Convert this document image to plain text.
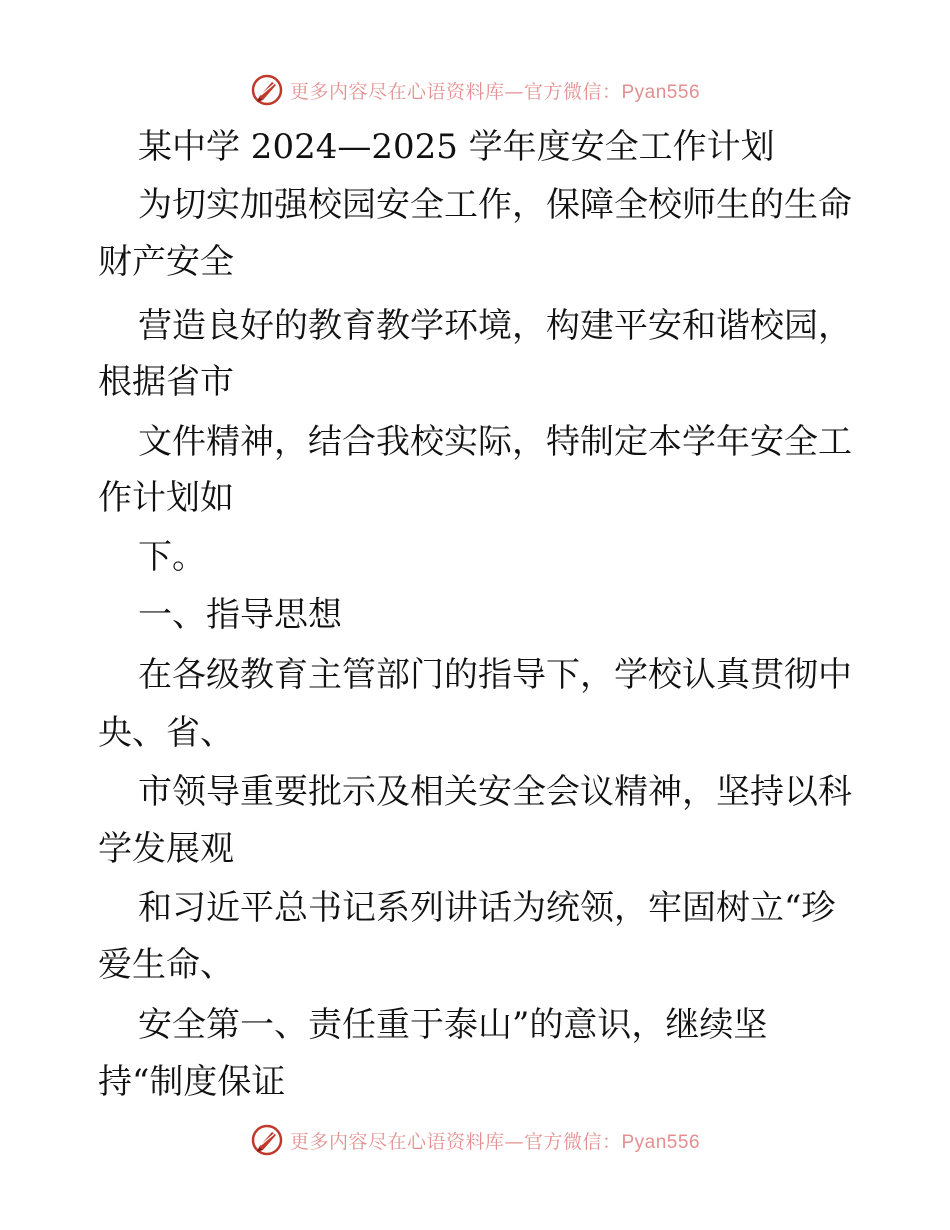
更多内容尽在心语资料库—官方微信：Pyan556
某中学 2024—2025 学年度安全工作计划
为切实加强校园安全工作，保障全校师生的生命
财产安全
营造良好的教育教学环境，构建平安和谐校园，
根据省市
文件精神，结合我校实际，特制定本学年安全工
作计划如
下。
一、指导思想
在各级教育主管部门的指导下，学校认真贯彻中
央、省、
市领导重要批示及相关安全会议精神，坚持以科
学发展观
和习近平总书记系列讲话为统领，牢固树立“珍
爱生命、
安全第一、责任重于泰山”的意识，继续坚
持“制度保证
更多内容尽在心语资料库—官方微信：Pyan556
